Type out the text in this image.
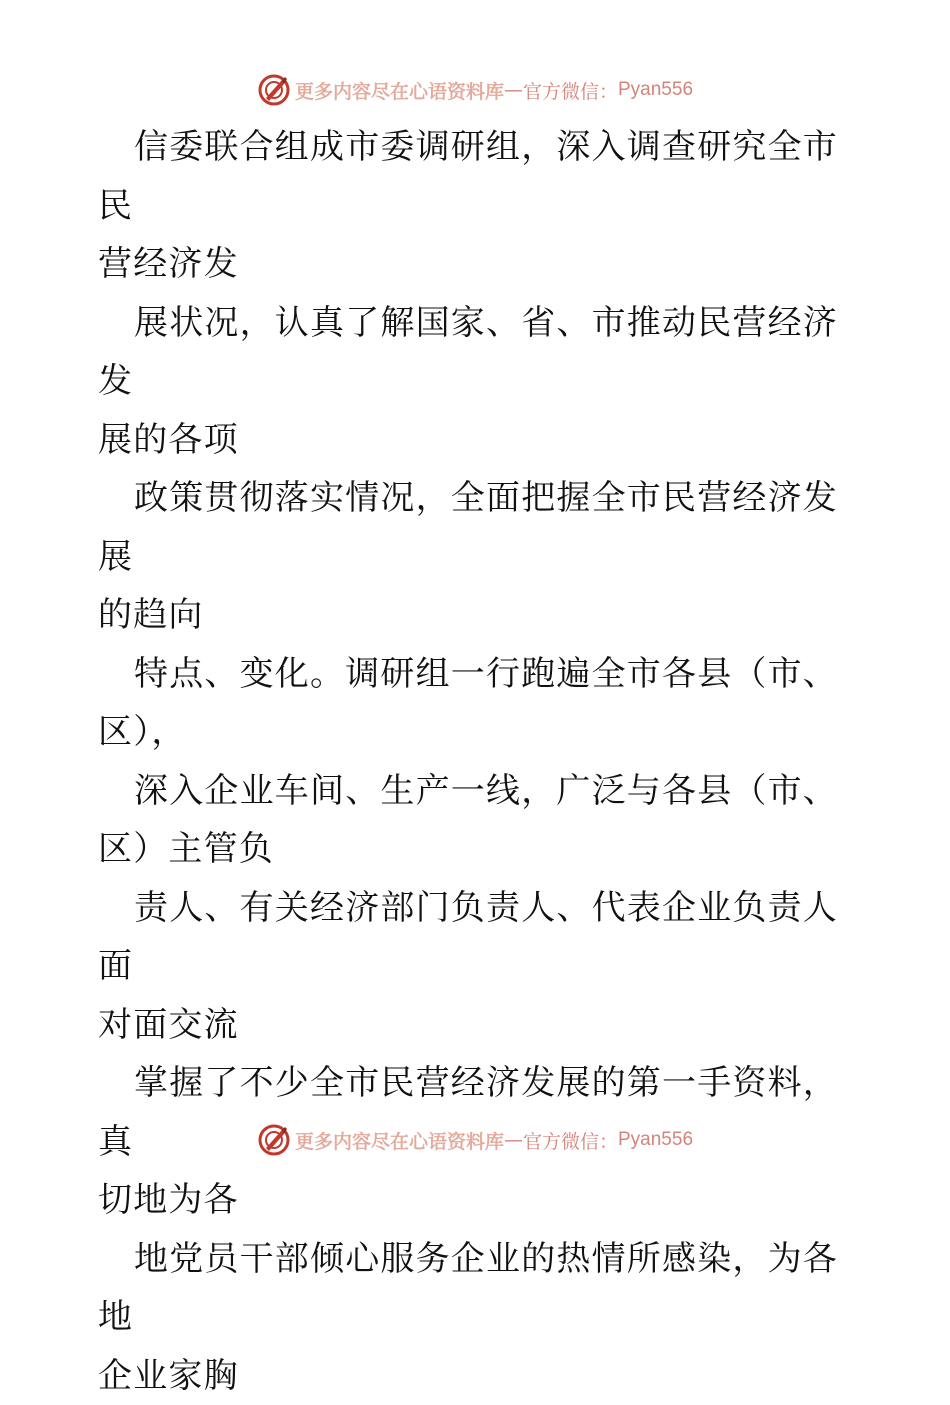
更多内容尽在心语资料库 — 官方微信： Pyan556

信委联合组成市委调研组，深入调查研究全市民
营经济发

展状况，认真了解国家、省、市推动民营经济发
展的各项

政策贯彻落实情况，全面把握全市民营经济发展
的趋向

特点、变化。调研组一行跑遍全市各县（市、
区），

深入企业车间、生产一线，广泛与各县（市、
区）主管负

责人、有关经济部门负责人、代表企业负责人面
对面交流

掌握了不少全市民营经济发展的第一手资料，真
切地为各

地党员干部倾心服务企业的热情所感染，为各地
企业家胸

更多内容尽在心语资料库 — 官方微信： Pyan556
